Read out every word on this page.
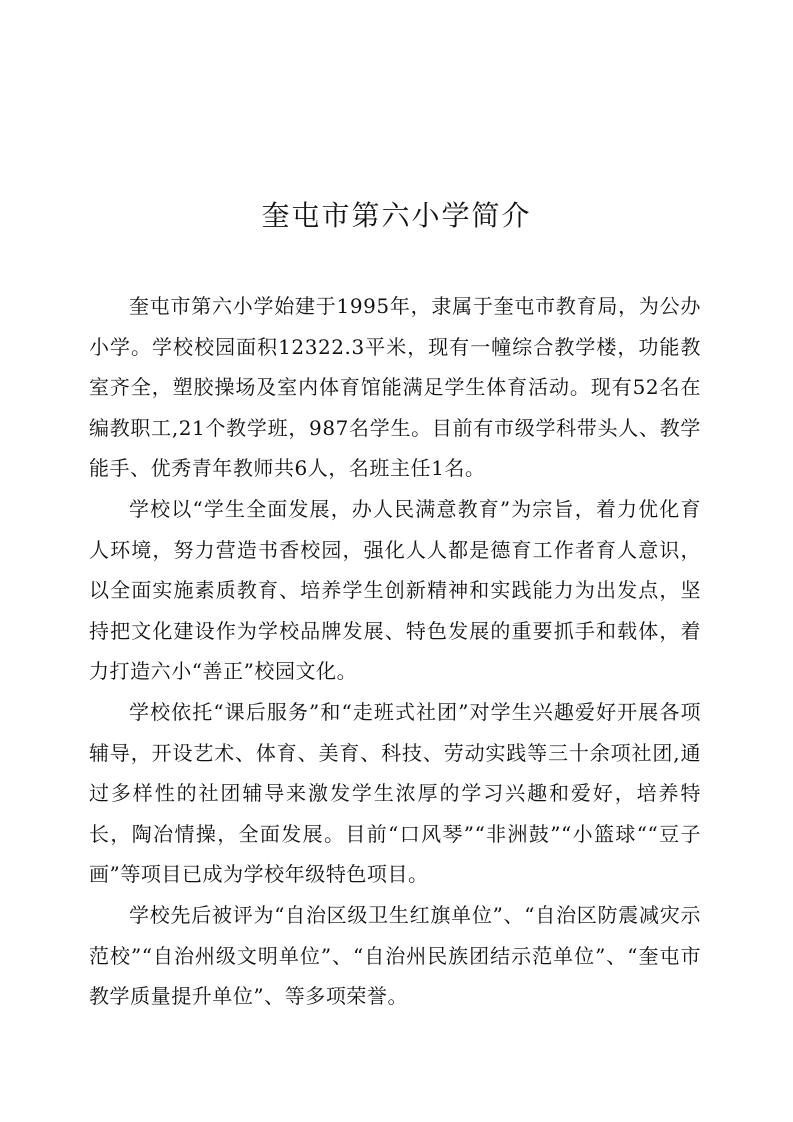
奎屯市第六小学简介

奎屯市第六小学始建于1995年，隶属于奎屯市教育局，为公办小学。学校校园面积12322.3平米，现有一幢综合教学楼，功能教室齐全，塑胶操场及室内体育馆能满足学生体育活动。现有52名在编教职工,21个教学班，987名学生。目前有市级学科带头人、教学能手、优秀青年教师共6人，名班主任1名。

学校以“学生全面发展，办人民满意教育”为宗旨，着力优化育人环境，努力营造书香校园，强化人人都是德育工作者育人意识，以全面实施素质教育、培养学生创新精神和实践能力为出发点，坚持把文化建设作为学校品牌发展、特色发展的重要抓手和载体，着力打造六小“善正”校园文化。

学校依托“课后服务”和“走班式社团”对学生兴趣爱好开展各项辅导，开设艺术、体育、美育、科技、劳动实践等三十余项社团,通过多样性的社团辅导来激发学生浓厚的学习兴趣和爱好，培养特长，陶冶情操，全面发展。目前“口风琴”“非洲鼓”“小篮球““豆子画”等项目已成为学校年级特色项目。

学校先后被评为“自治区级卫生红旗单位”、“自治区防震减灾示范校”“自治州级文明单位”、“自治州民族团结示范单位”、“奎屯市教学质量提升单位”、等多项荣誉。
